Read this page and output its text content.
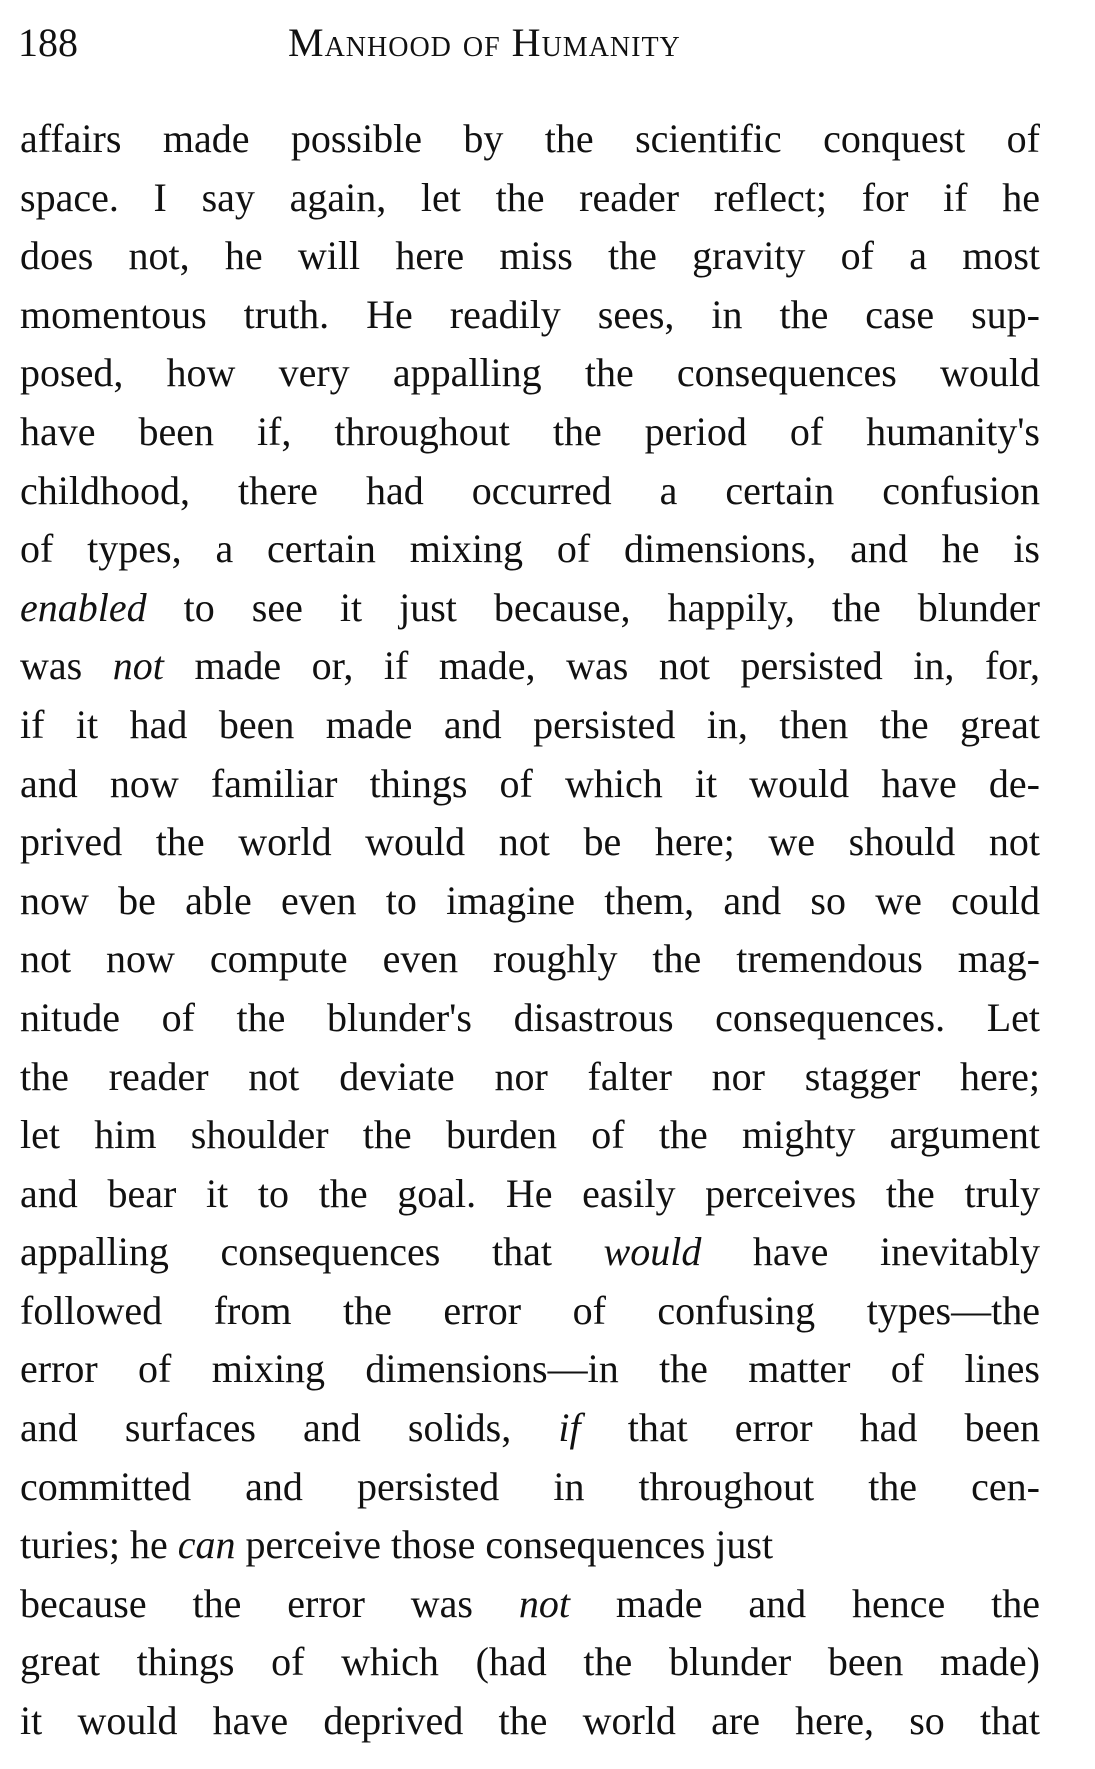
188	Manhood of Humanity
affairs made possible by the scientific conquest of
space. I say again, let the reader reflect; for if he
does not, he will here miss the gravity of a most
momentous truth. He readily sees, in the case sup-
posed, how very appalling the consequences would
have been if, throughout the period of humanity's
childhood, there had occurred a certain confusion
of types, a certain mixing of dimensions, and he is
enabled to see it just because, happily, the blunder
was not made or, if made, was not persisted in, for,
if it had been made and persisted in, then the great
and now familiar things of which it would have de-
prived the world would not be here; we should not
now be able even to imagine them, and so we could
not now compute even roughly the tremendous mag-
nitude of the blunder's disastrous consequences. Let
the reader not deviate nor falter nor stagger here;
let him shoulder the burden of the mighty argument
and bear it to the goal. He easily perceives the truly
appalling consequences that would have inevitably
followed from the error of confusing types—the
error of mixing dimensions—in the matter of lines
and surfaces and solids, if that error had been
committed and persisted in throughout the cen-
turies; he can perceive those consequences just
because the error was not made and hence the
great things of which (had the blunder been made)
it would have deprived the world are here, so that
